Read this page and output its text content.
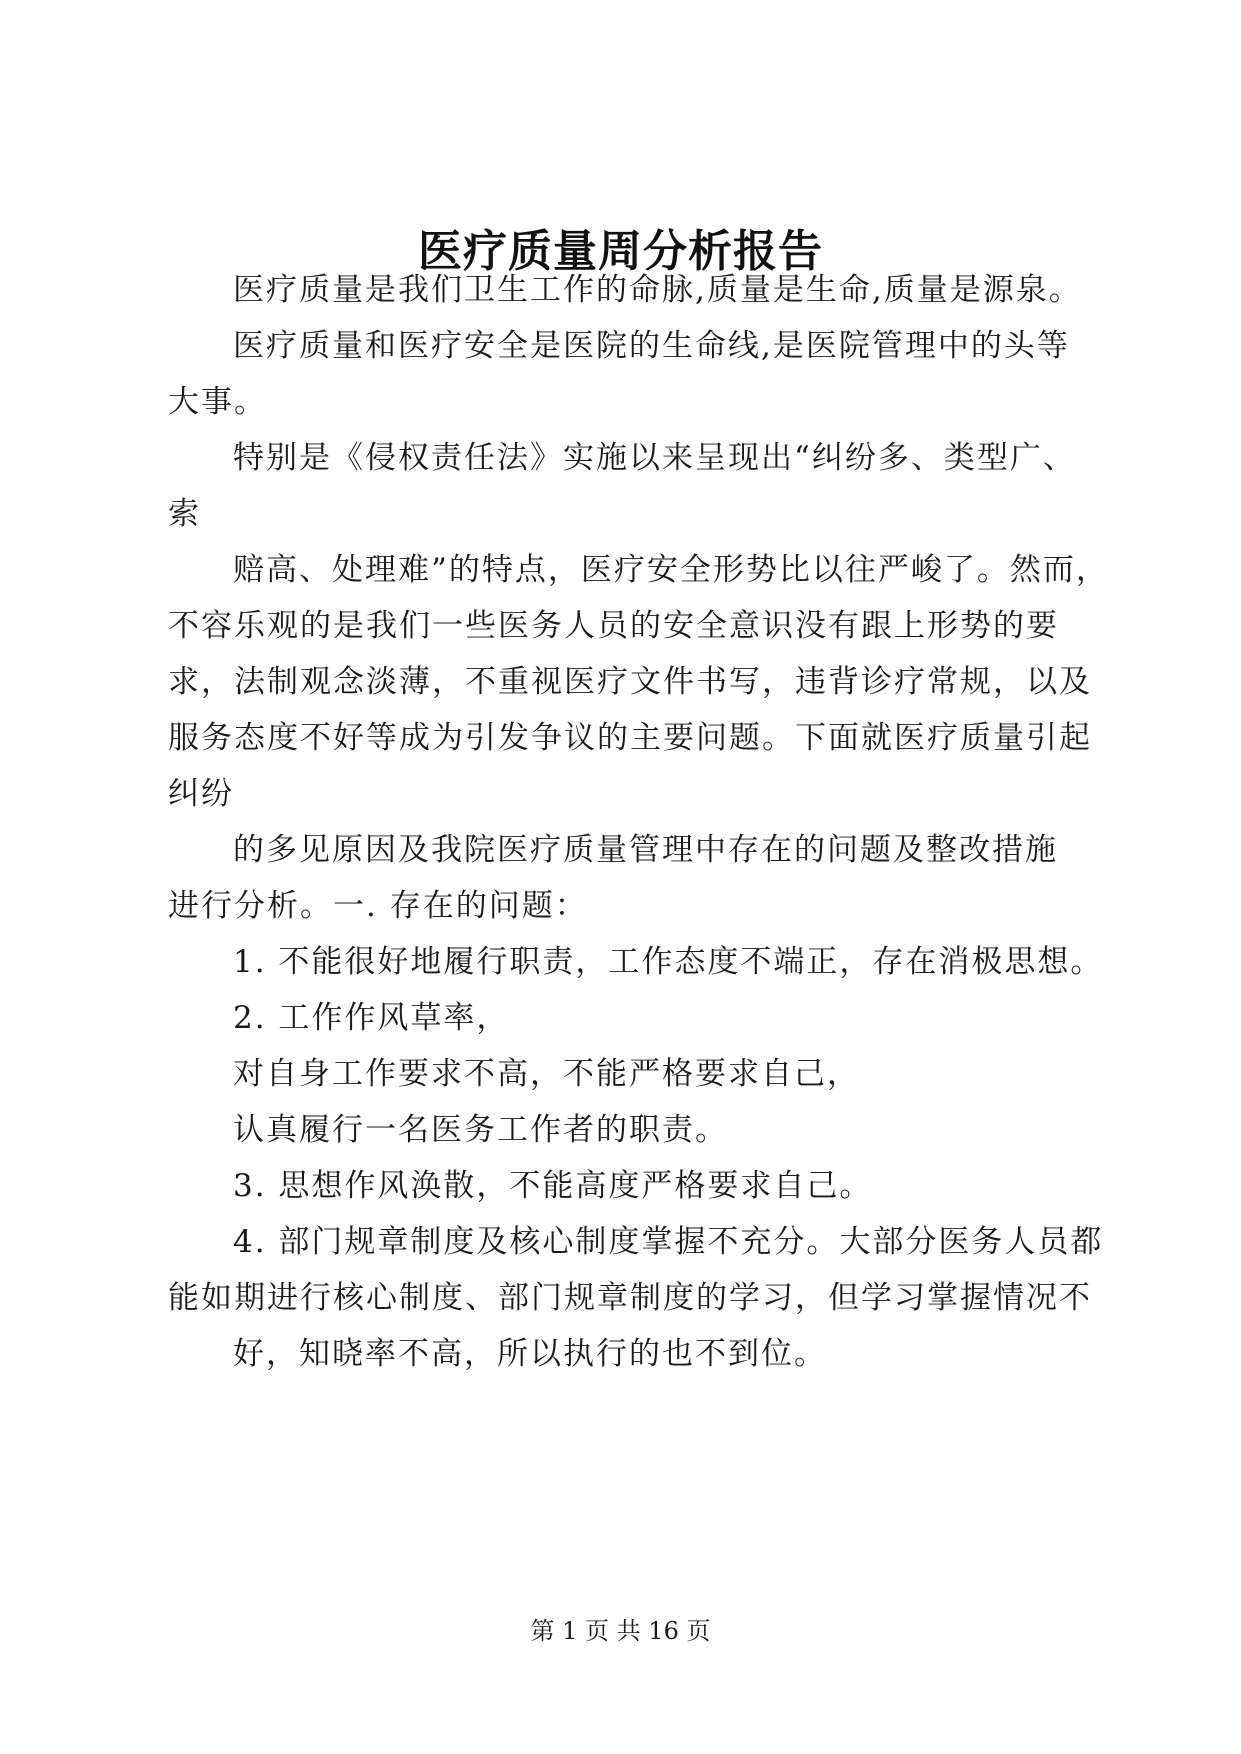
医疗质量周分析报告

医疗质量是我们卫生工作的命脉,质量是生命,质量是源泉。

医疗质量和医疗安全是医院的生命线,是医院管理中的头等

大事。

特别是《侵权责任法》实施以来呈现出“纠纷多、类型广、

索

赔高、处理难”的特点，医疗安全形势比以往严峻了。然而，

不容乐观的是我们一些医务人员的安全意识没有跟上形势的要

求，法制观念淡薄，不重视医疗文件书写，违背诊疗常规，以及

服务态度不好等成为引发争议的主要问题。下面就医疗质量引起

纠纷

的多见原因及我院医疗质量管理中存在的问题及整改措施

进行分析。一. 存在的问题：

1. 不能很好地履行职责，工作态度不端正，存在消极思想。

2. 工作作风草率，

对自身工作要求不高，不能严格要求自己，

认真履行一名医务工作者的职责。

3. 思想作风涣散，不能高度严格要求自己。

4. 部门规章制度及核心制度掌握不充分。大部分医务人员都

能如期进行核心制度、部门规章制度的学习，但学习掌握情况不

好，知晓率不高，所以执行的也不到位。

第 1 页 共 16 页
